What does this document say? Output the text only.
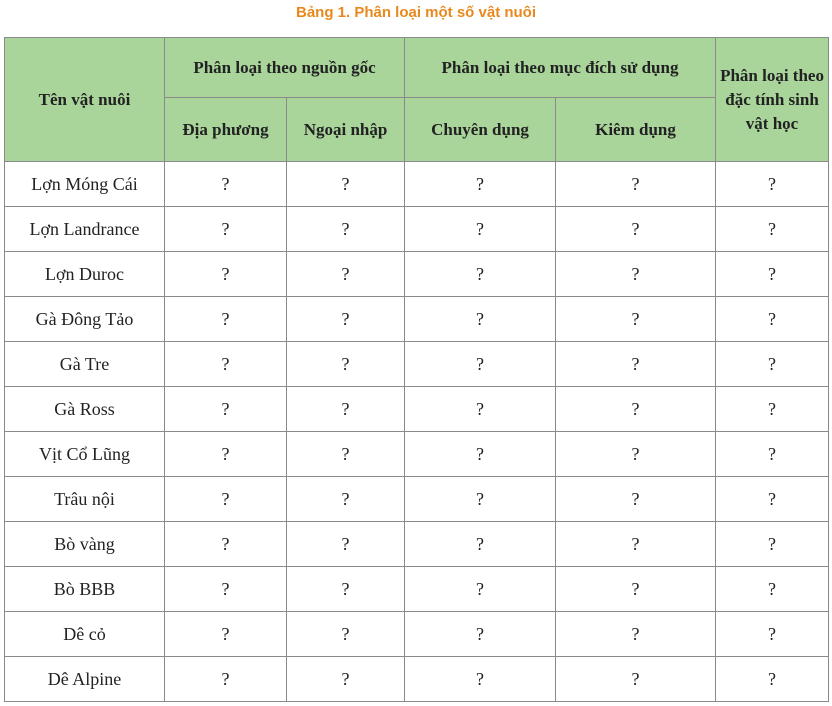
Bảng 1. Phân loại một số vật nuôi
Tên vật nuôi	Phân loại theo nguồn gốc		Phân loại theo mục đích sử dụng		Phân loại theo đặc tính sinh vật học
	Địa phương	Ngoại nhập	Chuyên dụng	Kiêm dụng	
Lợn Móng Cái	?	?	?	?	?
Lợn Landrance	?	?	?	?	?
Lợn Duroc	?	?	?	?	?
Gà Đông Tảo	?	?	?	?	?
Gà Tre	?	?	?	?	?
Gà Ross	?	?	?	?	?
Vịt Cổ Lũng	?	?	?	?	?
Trâu nội	?	?	?	?	?
Bò vàng	?	?	?	?	?
Bò BBB	?	?	?	?	?
Dê cỏ	?	?	?	?	?
Dê Alpine	?	?	?	?	?
